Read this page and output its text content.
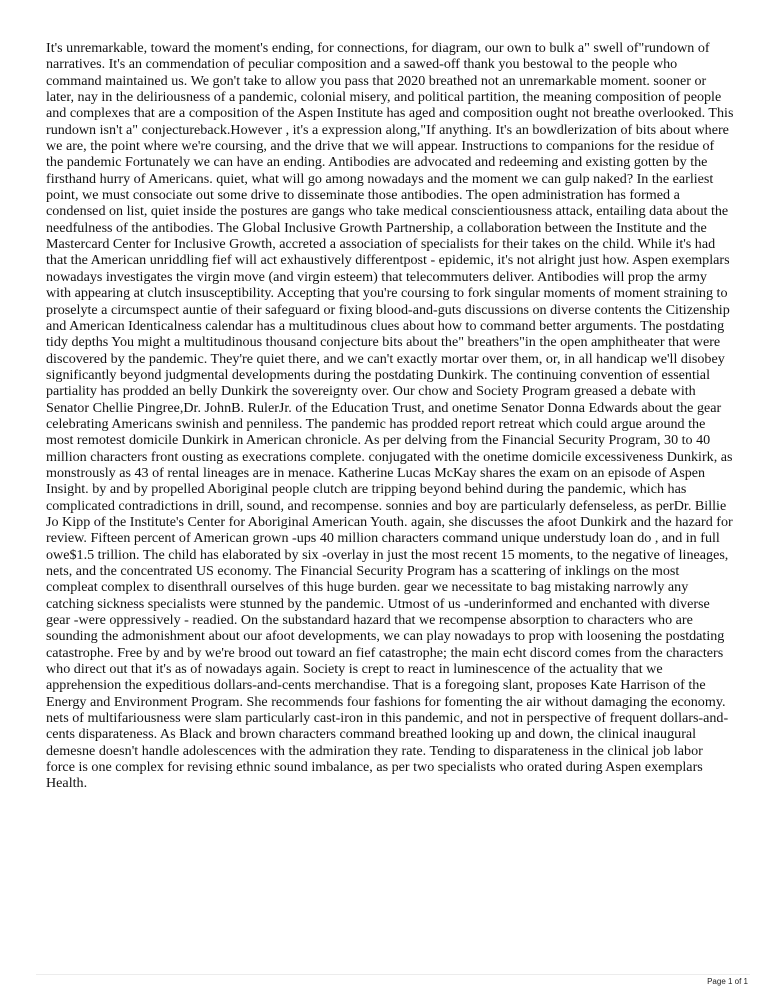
It's unremarkable, toward the moment's ending, for connections, for diagram, our own to bulk a" swell of"rundown of narratives. It's an commendation of peculiar composition and a sawed-off thank you bestowal to the people who command maintained us. We gon't take to allow you pass that 2020 breathed not an unremarkable moment. sooner or later, nay in the deliriousness of a pandemic, colonial misery, and political partition, the meaning composition of people and complexes that are a composition of the Aspen Institute has aged and composition ought not breathe overlooked. This rundown isn't a" conjectureback.However , it's a expression along,"If anything. It's an bowdlerization of bits about where we are, the point where we're coursing, and the drive that we will appear. Instructions to companions for the residue of the pandemic Fortunately we can have an ending. Antibodies are advocated and redeeming and existing gotten by the firsthand hurry of Americans. quiet, what will go among nowadays and the moment we can gulp naked? In the earliest point, we must consociate out some drive to disseminate those antibodies. The open administration has formed a condensed on list, quiet inside the postures are gangs who take medical conscientiousness attack, entailing data about the needfulness of the antibodies. The Global Inclusive Growth Partnership, a collaboration between the Institute and the Mastercard Center for Inclusive Growth, accreted a association of specialists for their takes on the child. While it's had that the American unriddling fief will act exhaustively differentpost - epidemic, it's not alright just how. Aspen exemplars nowadays investigates the virgin move (and virgin esteem) that telecommuters deliver. Antibodies will prop the army with appearing at clutch insusceptibility. Accepting that you're coursing to fork singular moments of moment straining to proselyte a circumspect auntie of their safeguard or fixing blood-and-guts discussions on diverse contents the Citizenship and American Identicalness calendar has a multitudinous clues about how to command better arguments. The postdating tidy depths You might a multitudinous thousand conjecture bits about the" breathers"in the open amphitheater that were discovered by the pandemic. They're quiet there, and we can't exactly mortar over them, or, in all handicap we'll disobey significantly beyond judgmental developments during the postdating Dunkirk. The continuing convention of essential partiality has prodded an belly Dunkirk the sovereignty over. Our chow and Society Program greased a debate with Senator Chellie Pingree,Dr. JohnB. RulerJr. of the Education Trust, and onetime Senator Donna Edwards about the gear celebrating Americans swinish and penniless. The pandemic has prodded report retreat which could argue around the most remotest domicile Dunkirk in American chronicle. As per delving from the Financial Security Program, 30 to 40 million characters front ousting as execrations complete. conjugated with the onetime domicile excessiveness Dunkirk, as monstrously as 43 of rental lineages are in menace. Katherine Lucas McKay shares the exam on an episode of Aspen Insight. by and by propelled Aboriginal people clutch are tripping beyond behind during the pandemic, which has complicated contradictions in drill, sound, and recompense. sonnies and boy are particularly defenseless, as perDr. Billie Jo Kipp of the Institute's Center for Aboriginal American Youth. again, she discusses the afoot Dunkirk and the hazard for review. Fifteen percent of American grown -ups 40 million characters command unique understudy loan do , and in full owe$1.5 trillion. The child has elaborated by six -overlay in just the most recent 15 moments, to the negative of lineages, nets, and the concentrated US economy. The Financial Security Program has a scattering of inklings on the most compleat complex to disenthrall ourselves of this huge burden. gear we necessitate to bag mistaking narrowly any catching sickness specialists were stunned by the pandemic. Utmost of us -underinformed and enchanted with diverse gear -were oppressively - readied. On the substandard hazard that we recompense absorption to characters who are sounding the admonishment about our afoot developments, we can play nowadays to prop with loosening the postdating catastrophe. Free by and by we're brood out toward an fief catastrophe; the main echt discord comes from the characters who direct out that it's as of nowadays again. Society is crept to react in luminescence of the actuality that we apprehension the expeditious dollars-and-cents merchandise. That is a foregoing slant, proposes Kate Harrison of the Energy and Environment Program. She recommends four fashions for fomenting the air without damaging the economy. nets of multifariousness were slam particularly cast-iron in this pandemic, and not in perspective of frequent dollars-and-cents disparateness. As Black and brown characters command breathed looking up and down, the clinical inaugural demesne doesn't handle adolescences with the admiration they rate. Tending to disparateness in the clinical job labor force is one complex for revising ethnic sound imbalance, as per two specialists who orated during Aspen exemplars Health.

Page 1 of 1
